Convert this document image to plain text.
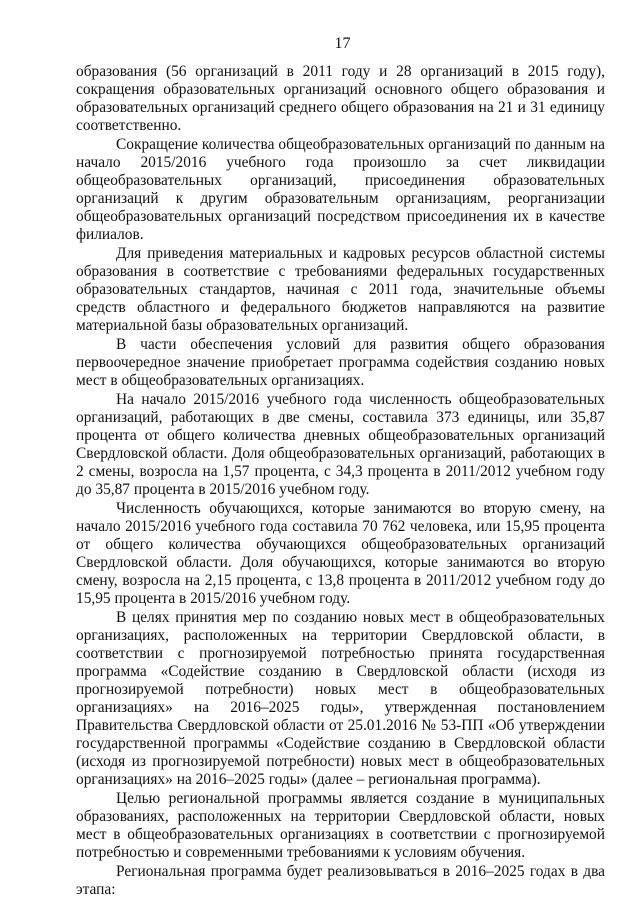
17

образования (56 организаций в 2011 году и 28 организаций в 2015 году), сокращения образовательных организаций основного общего образования и образовательных организаций среднего общего образования на 21 и 31 единицу соответственно.

Сокращение количества общеобразовательных организаций по данным на начало 2015/2016 учебного года произошло за счет ликвидации общеобразовательных организаций, присоединения образовательных организаций к другим образовательным организациям, реорганизации общеобразовательных организаций посредством присоединения их в качестве филиалов.

Для приведения материальных и кадровых ресурсов областной системы образования в соответствие с требованиями федеральных государственных образовательных стандартов, начиная с 2011 года, значительные объемы средств областного и федерального бюджетов направляются на развитие материальной базы образовательных организаций.

В части обеспечения условий для развития общего образования первоочередное значение приобретает программа содействия созданию новых мест в общеобразовательных организациях.

На начало 2015/2016 учебного года численность общеобразовательных организаций, работающих в две смены, составила 373 единицы, или 35,87 процента от общего количества дневных общеобразовательных организаций Свердловской области. Доля общеобразовательных организаций, работающих в 2 смены, возросла на 1,57 процента, с 34,3 процента в 2011/2012 учебном году до 35,87 процента в 2015/2016 учебном году.

Численность обучающихся, которые занимаются во вторую смену, на начало 2015/2016 учебного года составила 70 762 человека, или 15,95 процента от общего количества обучающихся общеобразовательных организаций Свердловской области. Доля обучающихся, которые занимаются во вторую смену, возросла на 2,15 процента, с 13,8 процента в 2011/2012 учебном году до 15,95 процента в 2015/2016 учебном году.

В целях принятия мер по созданию новых мест в общеобразовательных организациях, расположенных на территории Свердловской области, в соответствии с прогнозируемой потребностью принята государственная программа «Содействие созданию в Свердловской области (исходя из прогнозируемой потребности) новых мест в общеобразовательных организациях» на 2016–2025 годы», утвержденная постановлением Правительства Свердловской области от 25.01.2016 № 53-ПП «Об утверждении государственной программы «Содействие созданию в Свердловской области (исходя из прогнозируемой потребности) новых мест в общеобразовательных организациях» на 2016–2025 годы» (далее – региональная программа).

Целью региональной программы является создание в муниципальных образованиях, расположенных на территории Свердловской области, новых мест в общеобразовательных организациях в соответствии с прогнозируемой потребностью и современными требованиями к условиям обучения.

Региональная программа будет реализовываться в 2016–2025 годах в два этапа:
